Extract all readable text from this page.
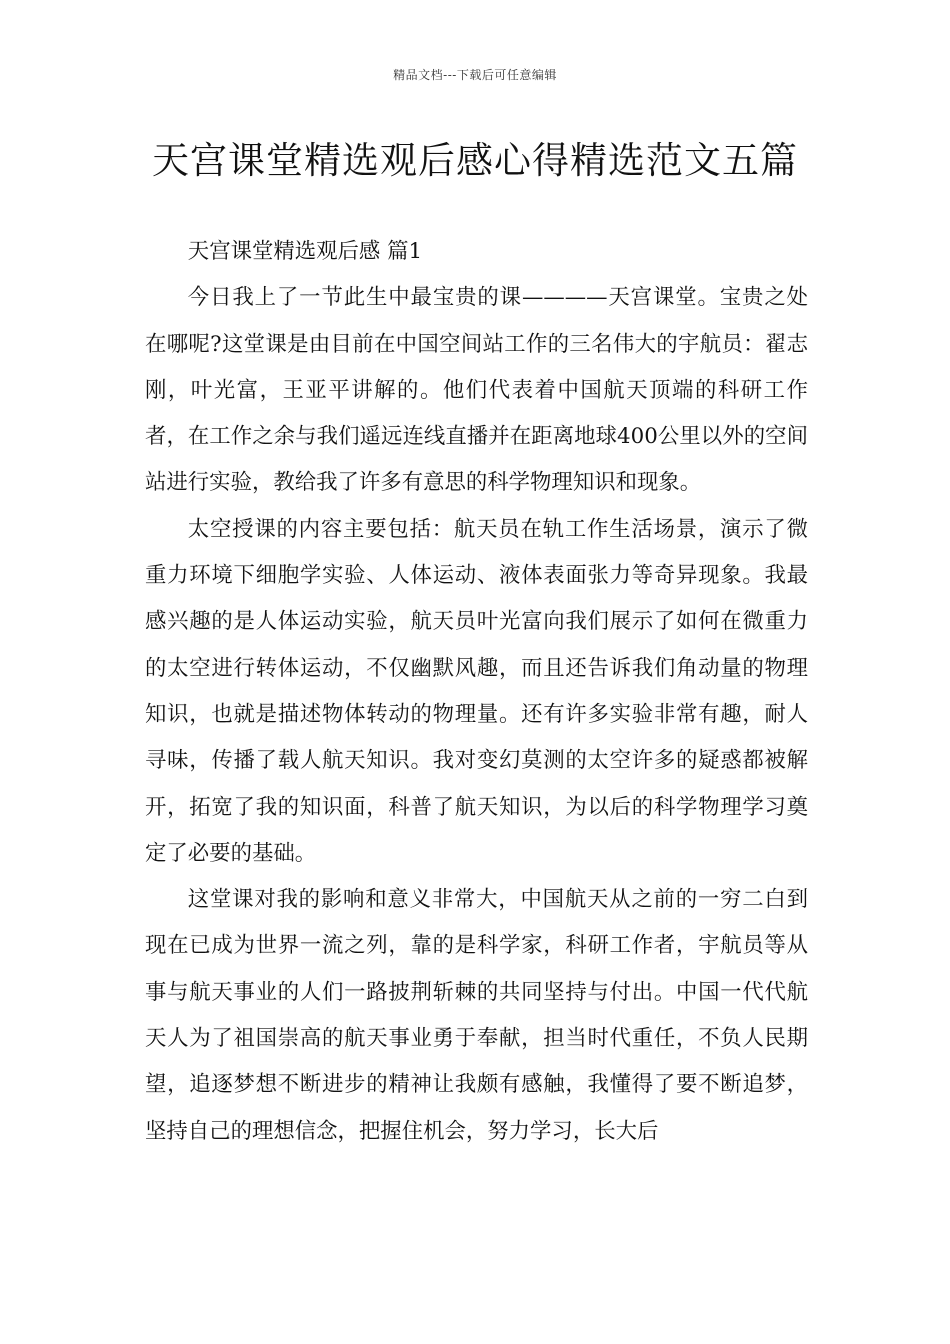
精品文档---下载后可任意编辑
天宫课堂精选观后感心得精选范文五篇

天宫课堂精选观后感 篇1

今日我上了一节此生中最宝贵的课————天宫课堂。宝贵之处在哪呢?这堂课是由目前在中国空间站工作的三名伟大的宇航员：翟志刚，叶光富，王亚平讲解的。他们代表着中国航天顶端的科研工作者，在工作之余与我们遥远连线直播并在距离地球400公里以外的空间站进行实验，教给我了许多有意思的科学物理知识和现象。

太空授课的内容主要包括：航天员在轨工作生活场景，演示了微重力环境下细胞学实验、人体运动、液体表面张力等奇异现象。我最感兴趣的是人体运动实验，航天员叶光富向我们展示了如何在微重力的太空进行转体运动，不仅幽默风趣，而且还告诉我们角动量的物理知识，也就是描述物体转动的物理量。还有许多实验非常有趣，耐人寻味，传播了载人航天知识。我对变幻莫测的太空许多的疑惑都被解开，拓宽了我的知识面，科普了航天知识，为以后的科学物理学习奠定了必要的基础。

这堂课对我的影响和意义非常大，中国航天从之前的一穷二白到现在已成为世界一流之列，靠的是科学家，科研工作者，宇航员等从事与航天事业的人们一路披荆斩棘的共同坚持与付出。中国一代代航天人为了祖国崇高的航天事业勇于奉献，担当时代重任，不负人民期望，追逐梦想不断进步的精神让我颇有感触，我懂得了要不断追梦，坚持自己的理想信念，把握住机会，努力学习，长大后
